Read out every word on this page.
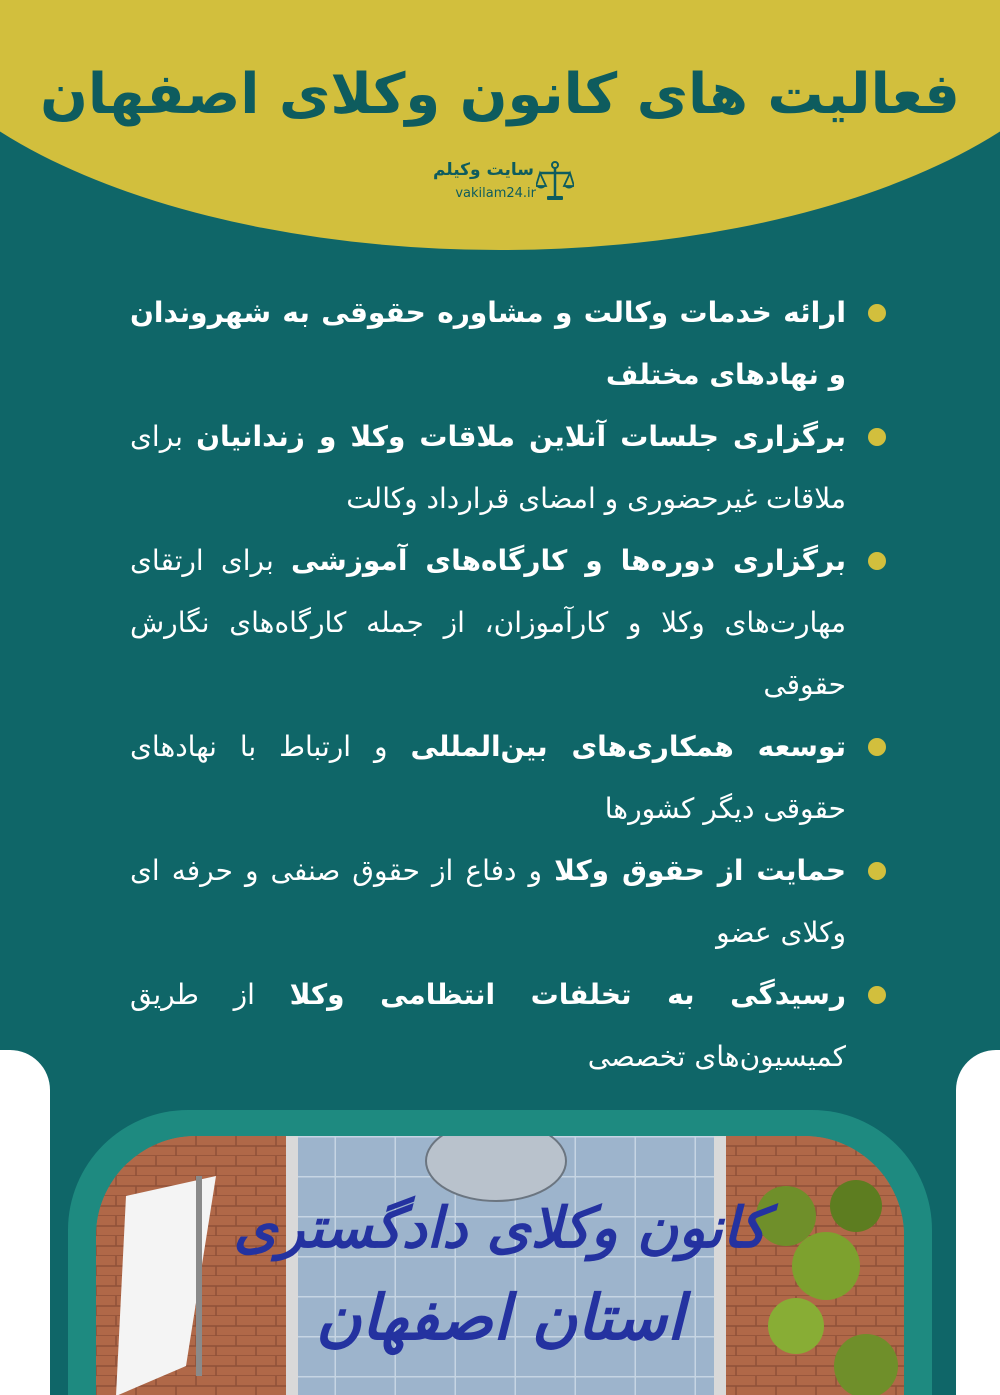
فعالیت های کانون وکلای اصفهان
سایت وکیلم
vakilam24.ir
ارائه خدمات وکالت و مشاوره حقوقی به شهروندان و نهادهای مختلف
برگزاری جلسات آنلاین ملاقات وکلا و زندانیان برای ملاقات غیرحضوری و امضای قرارداد وکالت
برگزاری دوره‌ها و کارگاه‌های آموزشی برای ارتقای مهارت‌های وکلا و کارآموزان، از جمله کارگاه‌های نگارش حقوقی
توسعه همکاری‌های بین‌المللی و ارتباط با نهادهای حقوقی دیگر کشورها
حمایت از حقوق وکلا و دفاع از حقوق صنفی و حرفه ای وکلای عضو
رسیدگی به تخلفات انتظامی وکلا از طریق کمیسیون‌های تخصصی
کانون وکلای دادگستری
استان اصفهان
